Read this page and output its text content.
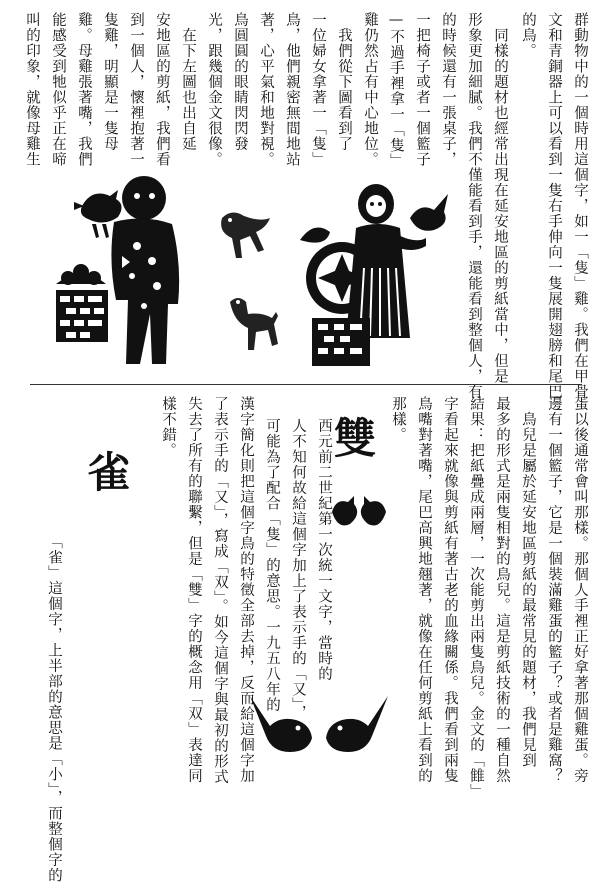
群動物中的一個時用這個字，如一「隻」雞。我們在甲骨
文和青銅器上可以看到一隻右手伸向一隻展開翅膀和尾巴
的鳥。
　同樣的題材也經常出現在延安地區的剪紙當中，但是
形象更加細膩。我們不僅能看到手，還能看到整個人，有
的時候還有一張桌子，
一把椅子或者一個籃子
—不過手裡拿一「隻」
雞仍然占有中心地位。
　我們從下圖看到了
一位婦女拿著一「隻」
鳥，他們親密無間地站
著，心平氣和地對視。
鳥圓圓的眼睛閃閃發
光，跟幾個金文很像。
　在下左圖也出自延
安地區的剪紙，我們看
到一個人，懷裡抱著一
隻雞，明顯是一隻母
雞。母雞張著嘴，我們
能感受到牠似乎正在啼
叫的印象，就像母雞生
蛋以後通常會叫那樣。那個人手裡正好拿著那個雞蛋。旁
邊有一個籃子，它是一個裝滿雞蛋的籃子？或者是雞窩？
　鳥兒是屬於延安地區剪紙的最常見的題材，我們見到
最多的形式是兩隻相對的鳥兒。這是剪紙技術的一種自然
結果：把紙疊成兩層，一次能剪出兩隻鳥兒。金文的「雔」
字看起來就像與剪紙有著古老的血緣關係。我們看到兩隻
鳥嘴對著嘴，尾巴高興地翹著，就像在任何剪紙上看到的
那樣。
雙
西元前二世紀第一次統一文字，當時的
人不知何故給這個字加上了表示手的「又」，
可能為了配合「隻」的意思。一九五八年的
漢字簡化則把這個字鳥的特徵全部去掉，反而給這個字加
了表示手的「又」，寫成「双」。如今這個字與最初的形式
失去了所有的聯繫，但是「雙」字的概念用「双」表達同
樣不錯。
雀
「雀」這個字，上半部的意思是「小」，而整個字的
